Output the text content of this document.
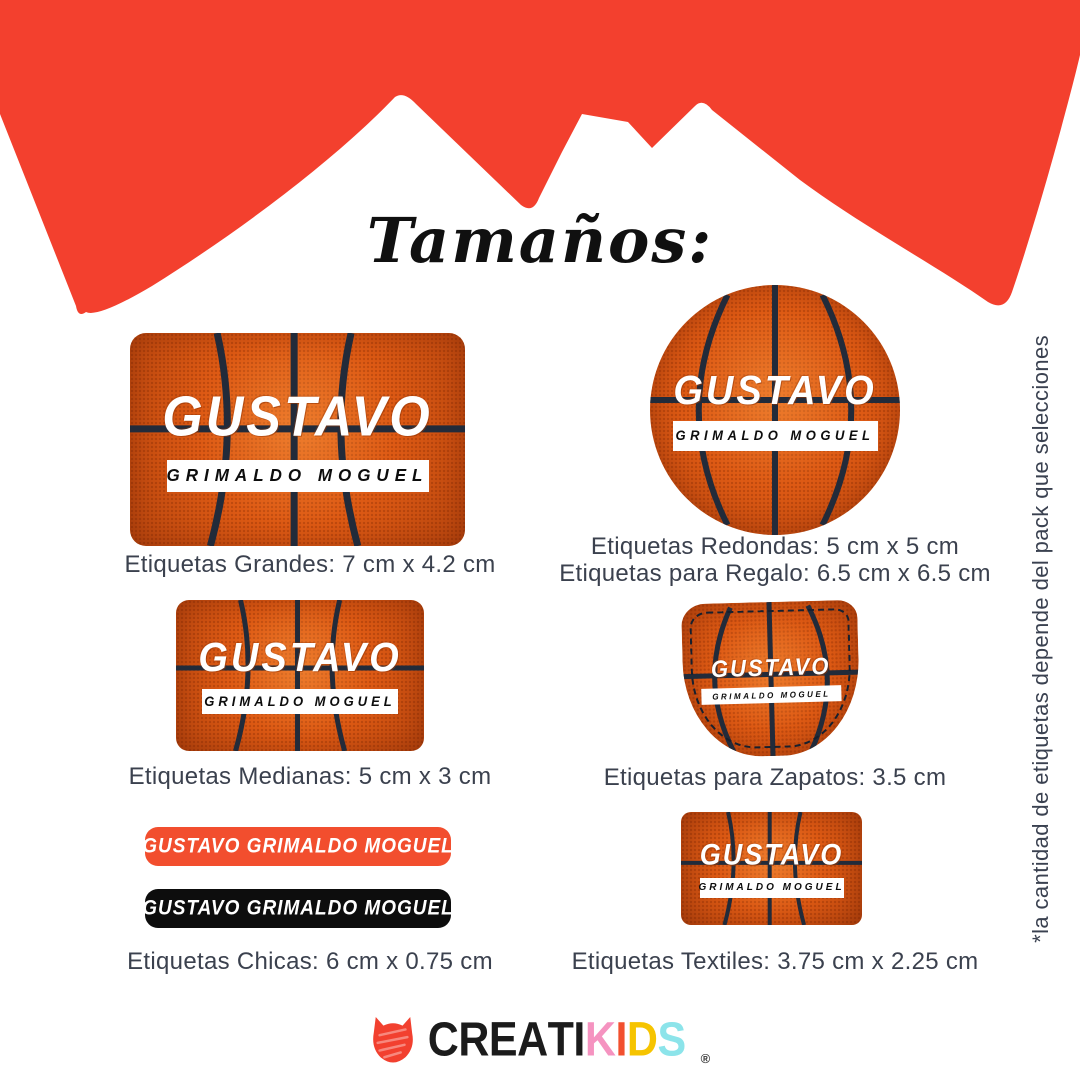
Tamaños:
GUSTAVO
GRIMALDO MOGUEL
Etiquetas Grandes: 7 cm x 4.2 cm
GUSTAVO
GRIMALDO MOGUEL
Etiquetas Redondas: 5 cm x 5 cm
Etiquetas para Regalo: 6.5 cm x 6.5 cm
GUSTAVO
GRIMALDO MOGUEL
Etiquetas Medianas: 5 cm x 3 cm
GUSTAVO
GRIMALDO MOGUEL
Etiquetas para Zapatos: 3.5 cm
GUSTAVO GRIMALDO MOGUEL
GUSTAVO GRIMALDO MOGUEL
Etiquetas Chicas: 6 cm x 0.75 cm
GUSTAVO
GRIMALDO MOGUEL
Etiquetas Textiles: 3.75 cm x 2.25 cm
*la cantidad de etiquetas depende del pack que selecciones
C R E A T I K I D S ®
